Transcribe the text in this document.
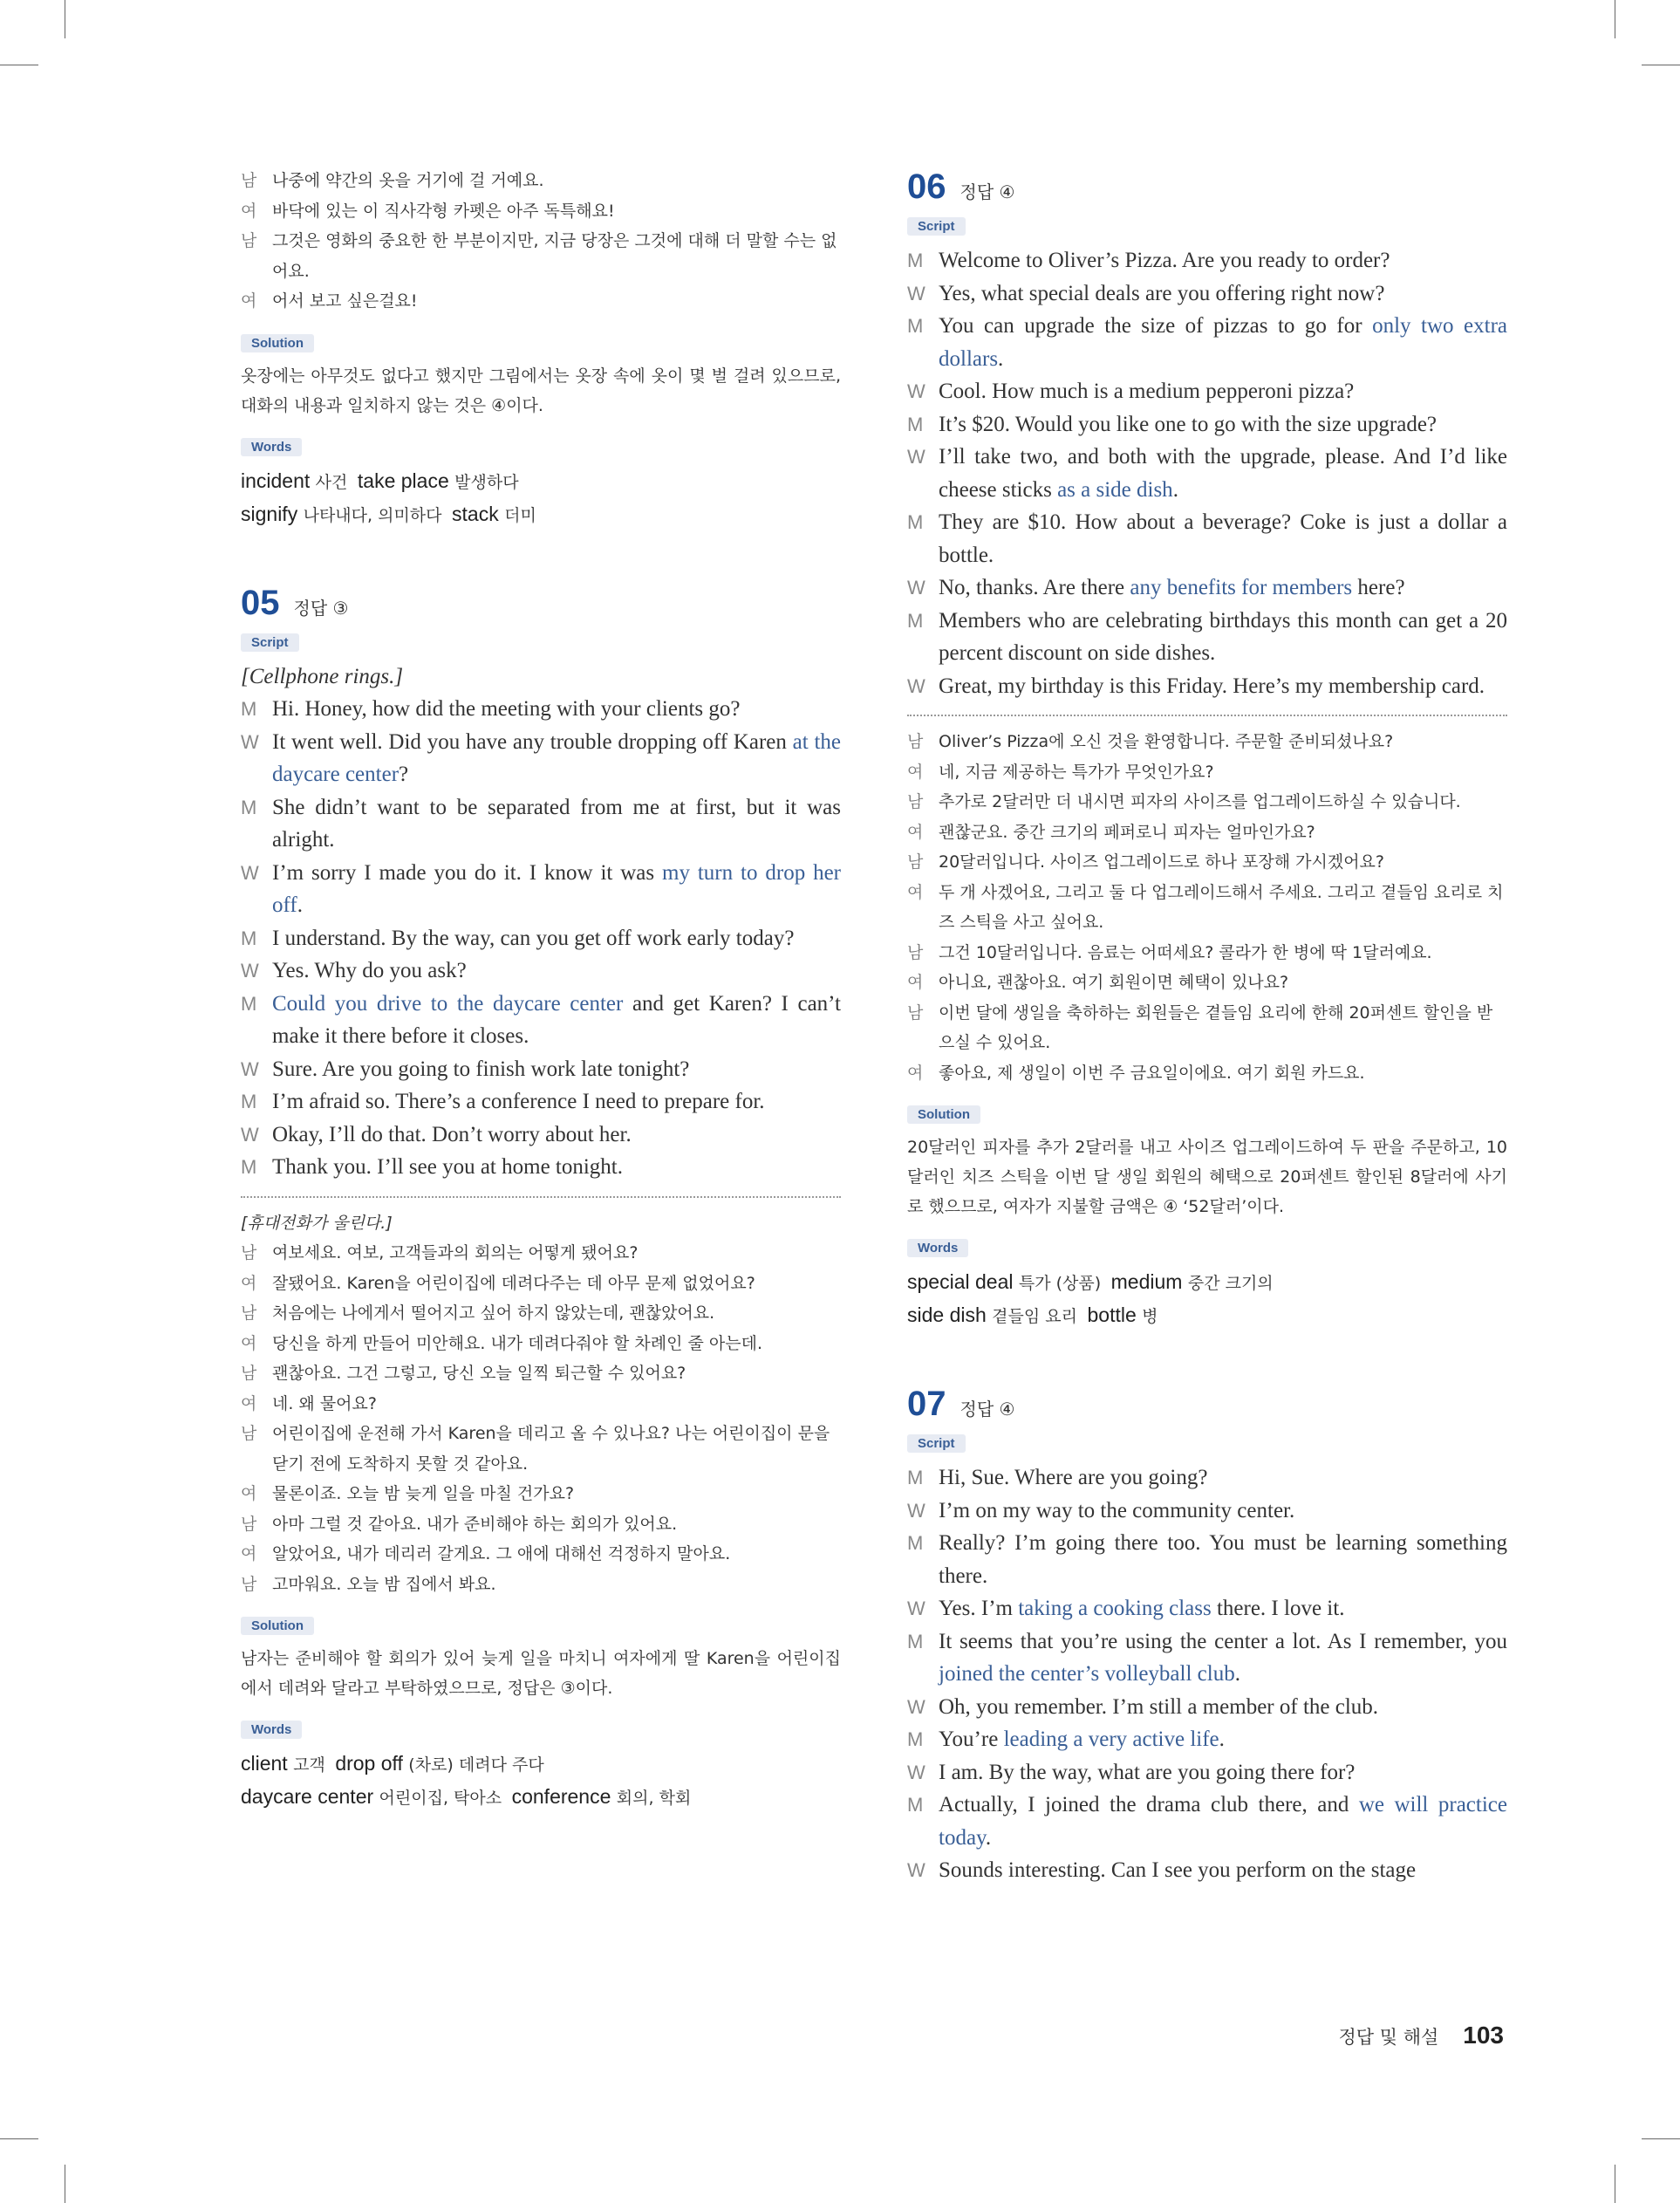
남 나중에 약간의 옷을 거기에 걸 거예요.
여 바닥에 있는 이 직사각형 카펫은 아주 독특해요!
남 그것은 영화의 중요한 한 부분이지만, 지금 당장은 그것에 대해 더 말할 수는 없어요.
여 어서 보고 싶은걸요!
Solution
옷장에는 아무것도 없다고 했지만 그림에서는 옷장 속에 옷이 몇 벌 걸려 있으므로, 대화의 내용과 일치하지 않는 것은 ④이다.
Words
incident 사건  take place 발생하다
signify 나타내다, 의미하다  stack 더미
05 정답 ③
Script
[Cellphone rings.]
M Hi. Honey, how did the meeting with your clients go?
W It went well. Did you have any trouble dropping off Karen at the daycare center?
M She didn’t want to be separated from me at first, but it was alright.
W I’m sorry I made you do it. I know it was my turn to drop her off.
M I understand. By the way, can you get off work early today?
W Yes. Why do you ask?
M Could you drive to the daycare center and get Karen? I can’t make it there before it closes.
W Sure. Are you going to finish work late tonight?
M I’m afraid so. There’s a conference I need to prepare for.
W Okay, I’ll do that. Don’t worry about her.
M Thank you. I’ll see you at home tonight.
[휴대전화가 울린다.]
남 여보세요. 여보, 고객들과의 회의는 어떻게 됐어요?
여 잘됐어요. Karen을 어린이집에 데려다주는 데 아무 문제 없었어요?
남 처음에는 나에게서 떨어지고 싶어 하지 않았는데, 괜찮았어요.
여 당신을 하게 만들어 미안해요. 내가 데려다줘야 할 차례인 줄 아는데.
남 괜찮아요. 그건 그렇고, 당신 오늘 일찍 퇴근할 수 있어요?
여 네. 왜 물어요?
남 어린이집에 운전해 가서 Karen을 데리고 올 수 있나요? 나는 어린이집이 문을 닫기 전에 도착하지 못할 것 같아요.
여 물론이죠. 오늘 밤 늦게 일을 마칠 건가요?
남 아마 그럴 것 같아요. 내가 준비해야 하는 회의가 있어요.
여 알았어요, 내가 데리러 갈게요. 그 애에 대해선 걱정하지 말아요.
남 고마워요. 오늘 밤 집에서 봐요.
Solution
남자는 준비해야 할 회의가 있어 늦게 일을 마치니 여자에게 딸 Karen을 어린이집에서 데려와 달라고 부탁하였으므로, 정답은 ③이다.
Words
client 고객  drop off (차로) 데려다 주다
daycare center 어린이집, 탁아소  conference 회의, 학회
06 정답 ④
Script
M Welcome to Oliver’s Pizza. Are you ready to order?
W Yes, what special deals are you offering right now?
M You can upgrade the size of pizzas to go for only two extra dollars.
W Cool. How much is a medium pepperoni pizza?
M It’s $20. Would you like one to go with the size upgrade?
W I’ll take two, and both with the upgrade, please. And I’d like cheese sticks as a side dish.
M They are $10. How about a beverage? Coke is just a dollar a bottle.
W No, thanks. Are there any benefits for members here?
M Members who are celebrating birthdays this month can get a 20 percent discount on side dishes.
W Great, my birthday is this Friday. Here’s my membership card.
남 Oliver’s Pizza에 오신 것을 환영합니다. 주문할 준비되셨나요?
여 네, 지금 제공하는 특가가 무엇인가요?
남 추가로 2달러만 더 내시면 피자의 사이즈를 업그레이드하실 수 있습니다.
여 괜찮군요. 중간 크기의 페퍼로니 피자는 얼마인가요?
남 20달러입니다. 사이즈 업그레이드로 하나 포장해 가시겠어요?
여 두 개 사겠어요, 그리고 둘 다 업그레이드해서 주세요. 그리고 곁들임 요리로 치즈 스틱을 사고 싶어요.
남 그건 10달러입니다. 음료는 어떠세요? 콜라가 한 병에 딱 1달러예요.
여 아니요, 괜찮아요. 여기 회원이면 혜택이 있나요?
남 이번 달에 생일을 축하하는 회원들은 곁들임 요리에 한해 20퍼센트 할인을 받으실 수 있어요.
여 좋아요, 제 생일이 이번 주 금요일이에요. 여기 회원 카드요.
Solution
20달러인 피자를 추가 2달러를 내고 사이즈 업그레이드하여 두 판을 주문하고, 10달러인 치즈 스틱을 이번 달 생일 회원의 혜택으로 20퍼센트 할인된 8달러에 사기로 했으므로, 여자가 지불할 금액은 ④ ‘52달러’이다.
Words
special deal 특가 (상품)  medium 중간 크기의
side dish 곁들임 요리  bottle 병
07 정답 ④
Script
M Hi, Sue. Where are you going?
W I’m on my way to the community center.
M Really? I’m going there too. You must be learning something there.
W Yes. I’m taking a cooking class there. I love it.
M It seems that you’re using the center a lot. As I remember, you joined the center’s volleyball club.
W Oh, you remember. I’m still a member of the club.
M You’re leading a very active life.
W I am. By the way, what are you going there for?
M Actually, I joined the drama club there, and we will practice today.
W Sounds interesting. Can I see you perform on the stage
정답 및 해설 103
